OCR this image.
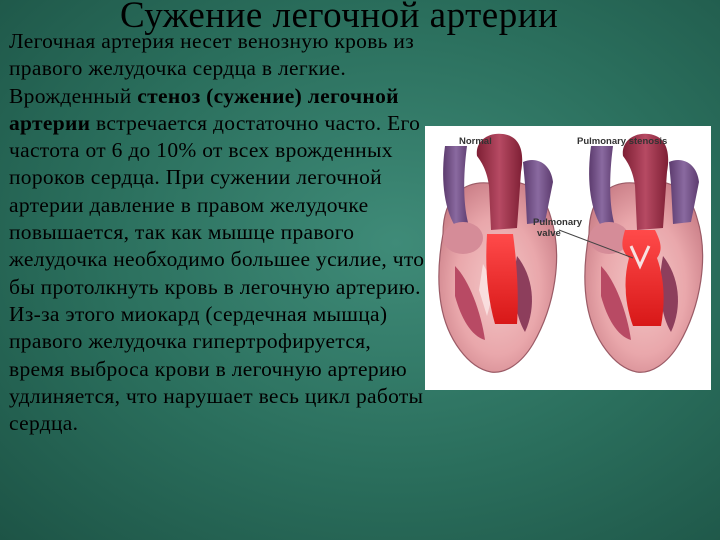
Сужение легочной артерии

Легочная артерия несет венозную кровь из правого желудочка сердца в легкие. Врожденный стеноз (сужение) легочной артерии встречается достаточно часто. Его частота от 6 до 10% от всех врожденных пороков сердца. При сужении легочной артерии давление в правом желудочке повышается, так как мышце правого желудочка необходимо большее усилие, что бы протолкнуть кровь в легочную артерию. Из-за этого миокард (сердечная мышца) правого желудочка гипертрофируется, время выброса крови в легочную артерию удлиняется, что нарушает весь цикл работы сердца.

Normal	Pulmonary stenosis
Pulmonary
valve
